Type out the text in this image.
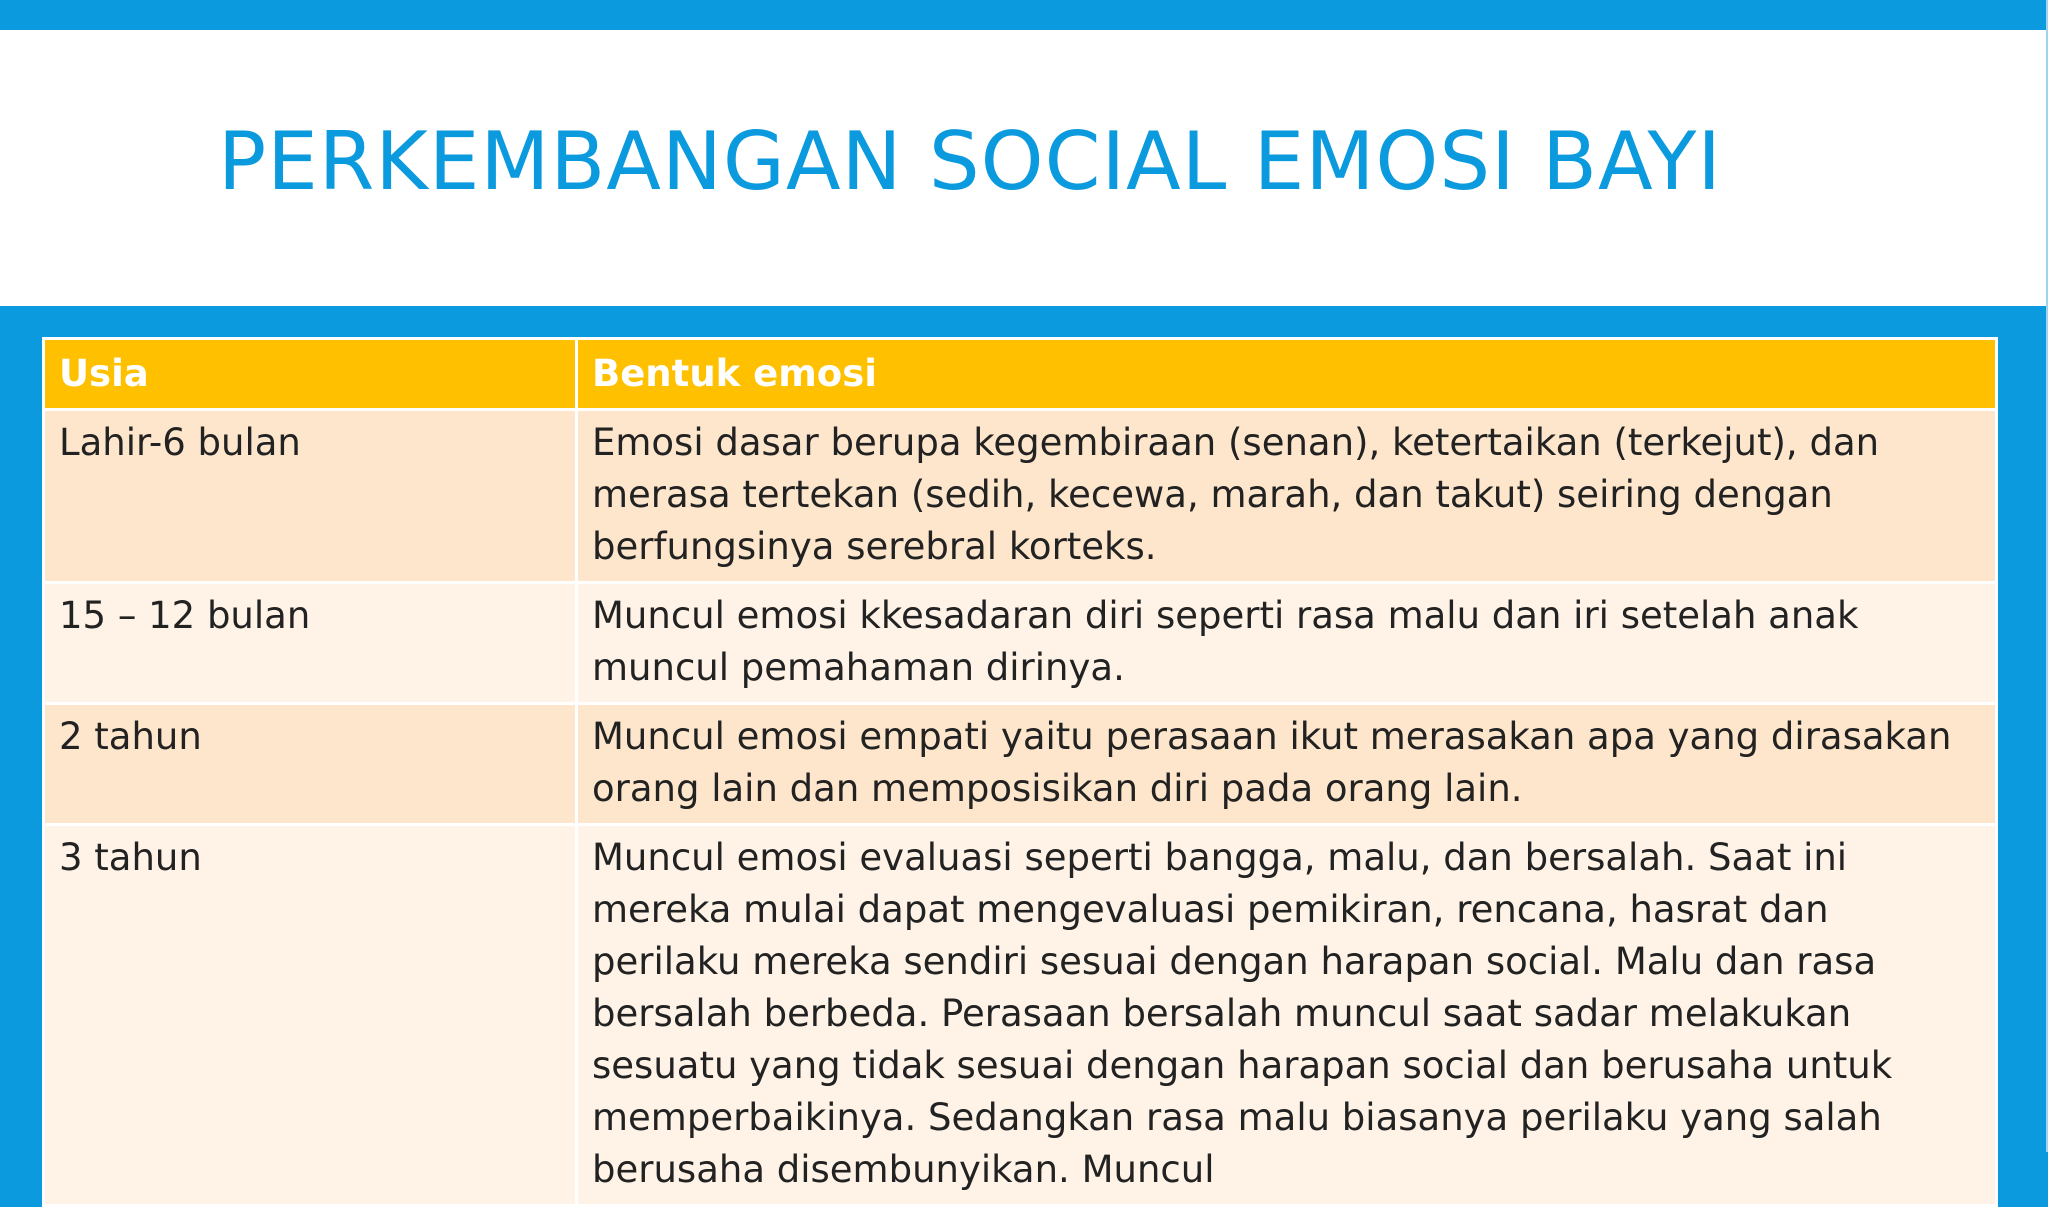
PERKEMBANGAN SOCIAL EMOSI BAYI
Usia	Bentuk emosi
Lahir-6 bulan	Emosi dasar berupa kegembiraan (senan), ketertaikan (terkejut), dan merasa tertekan (sedih, kecewa, marah, dan takut) seiring dengan berfungsinya serebral korteks.
15 – 12 bulan	Muncul emosi kkesadaran diri seperti rasa malu dan iri setelah anak muncul pemahaman dirinya.
2 tahun	Muncul emosi empati yaitu perasaan ikut merasakan apa yang dirasakan orang lain dan memposisikan diri pada orang lain.
3 tahun	Muncul emosi evaluasi seperti bangga, malu, dan bersalah. Saat ini mereka mulai dapat mengevaluasi pemikiran, rencana, hasrat dan perilaku mereka sendiri sesuai dengan harapan social. Malu dan rasa bersalah berbeda. Perasaan bersalah muncul saat sadar melakukan sesuatu yang tidak sesuai dengan harapan social dan berusaha untuk memperbaikinya. Sedangkan rasa malu biasanya perilaku yang salah berusaha disembunyikan. Muncul
